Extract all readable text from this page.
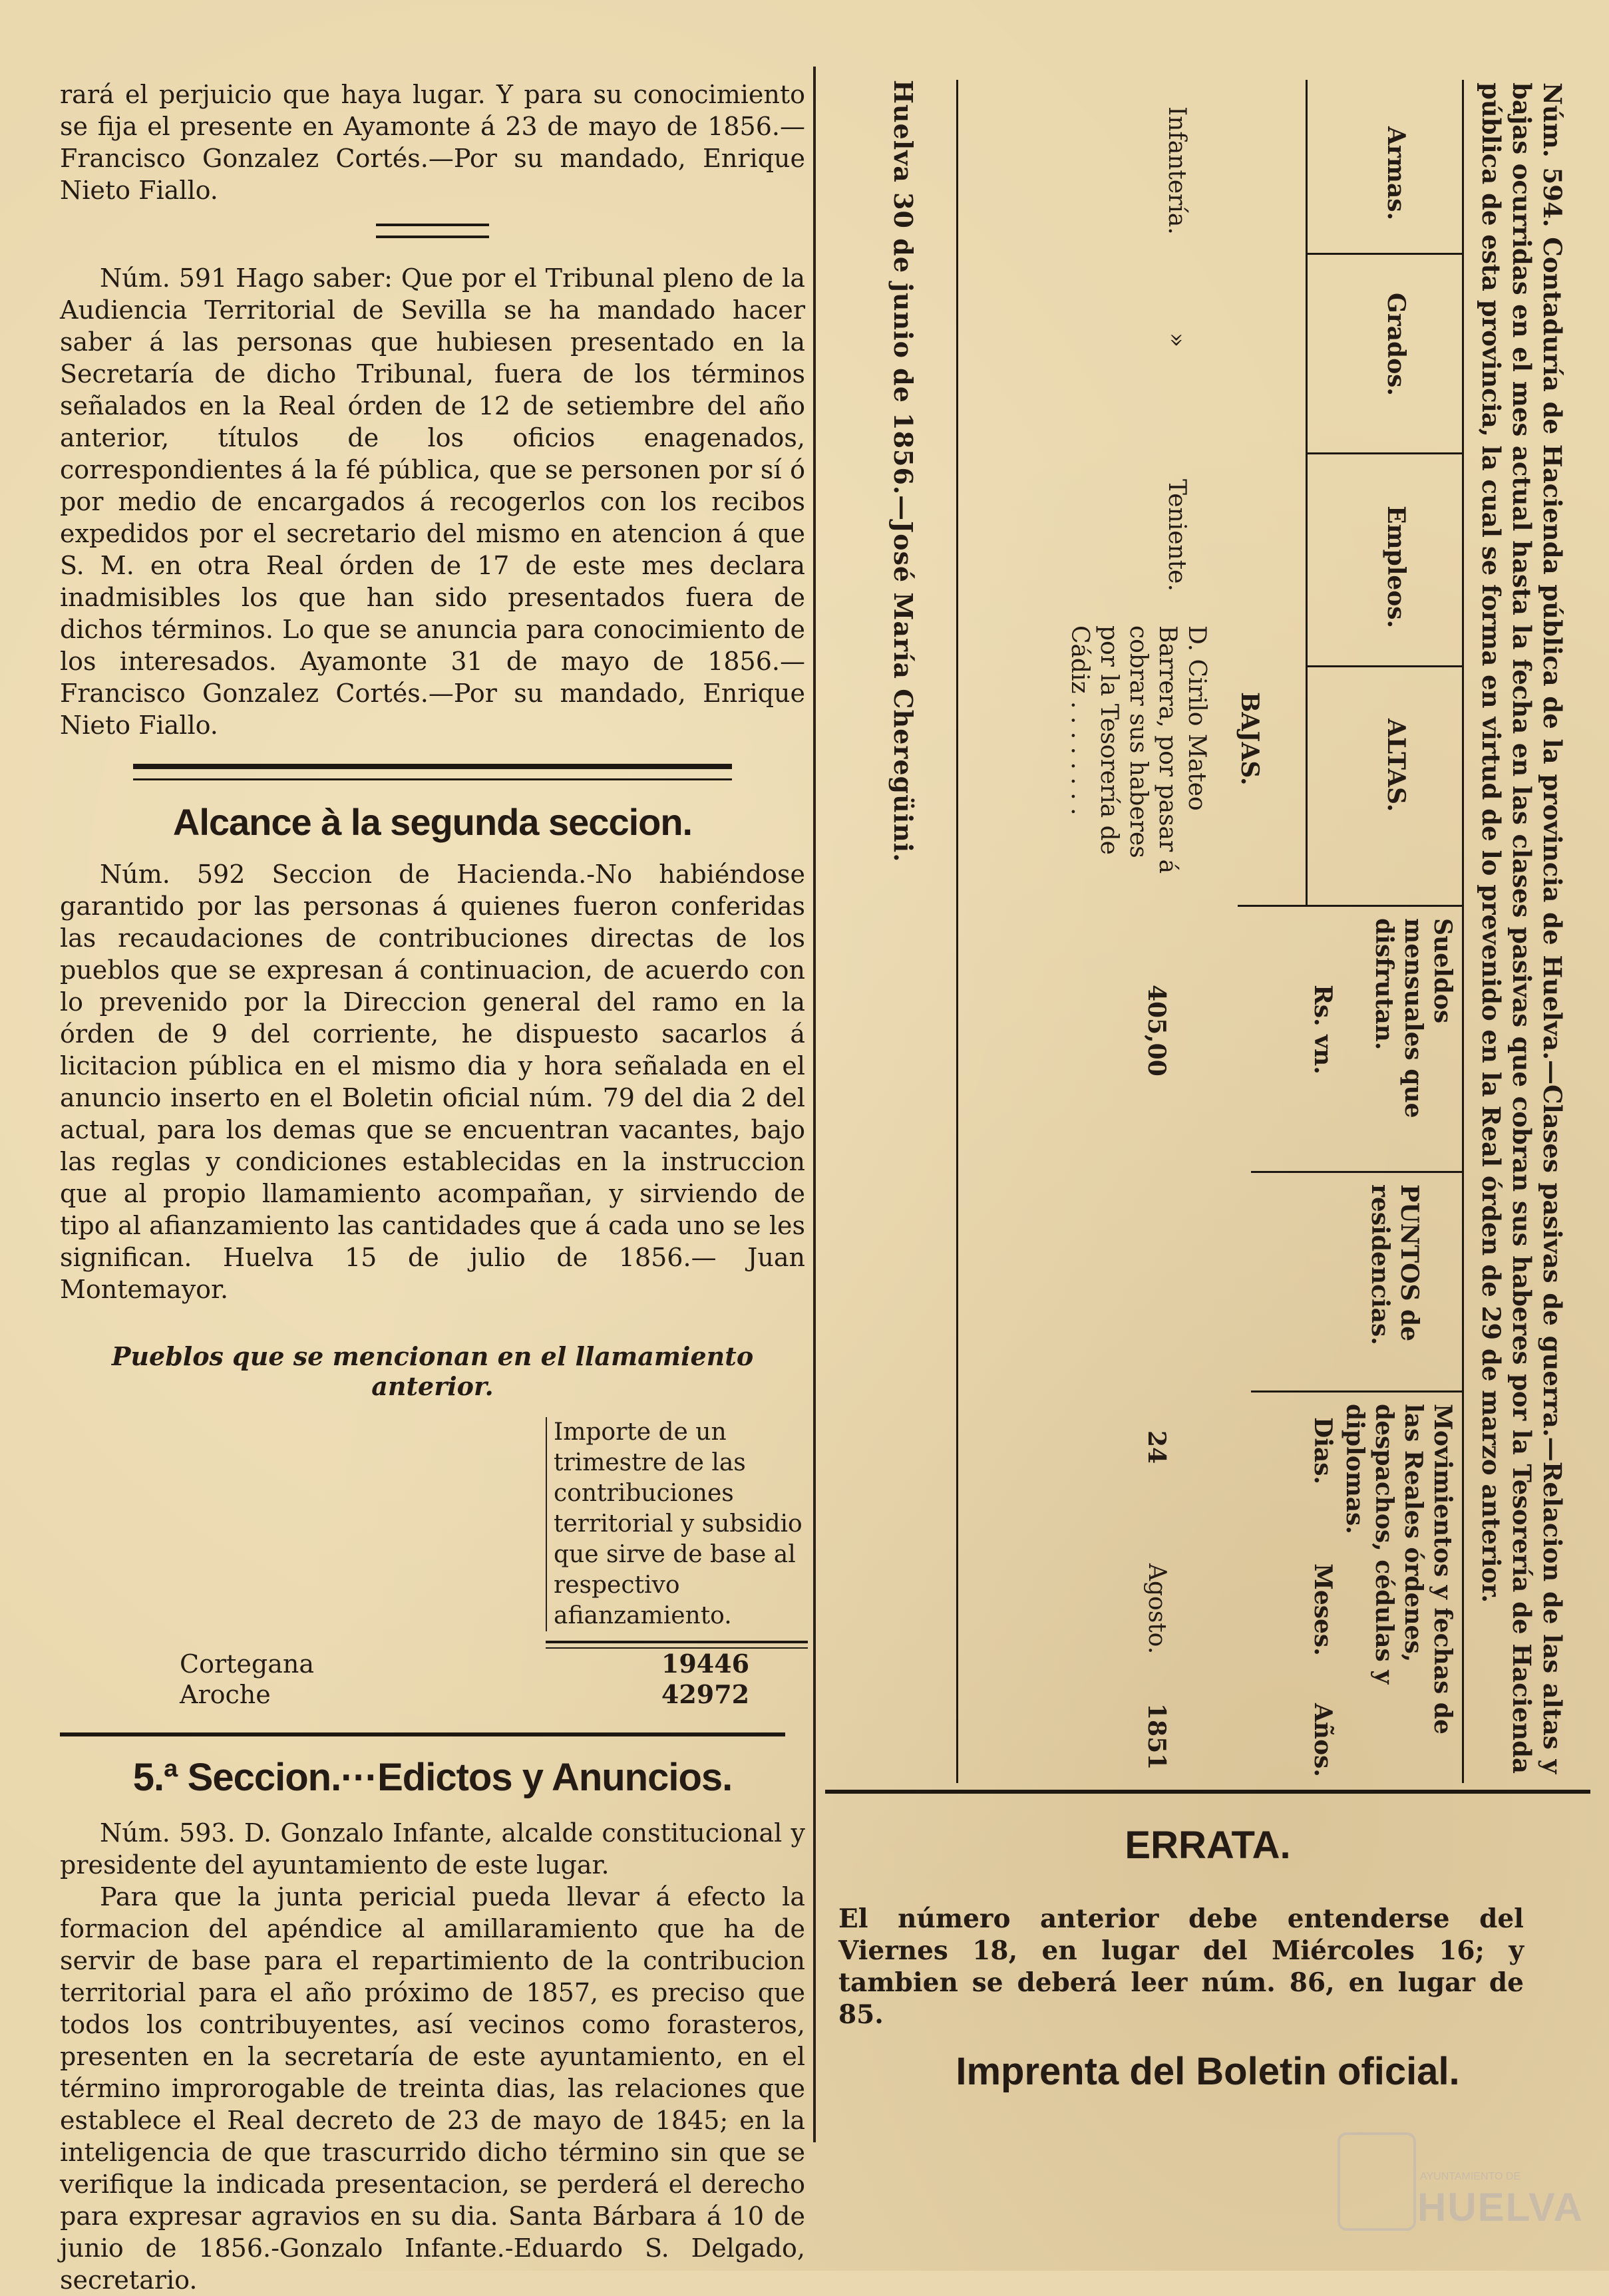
rará el perjuicio que haya lugar. Y para su conocimiento se fija el presente en Ayamonte á 23 de mayo de 1856.— Francisco Gonzalez Cortés.—Por su mandado, Enrique Nieto Fiallo.

Núm. 591 Hago saber: Que por el Tribunal pleno de la Audiencia Territorial de Sevilla se ha mandado hacer saber á las personas que hubiesen presentado en la Secretaría de dicho Tribunal, fuera de los términos señalados en la Real órden de 12 de setiembre del año anterior, títulos de los oficios enagenados, correspondientes á la fé pública, que se personen por sí ó por medio de encargados á recogerlos con los recibos expedidos por el secretario del mismo en atencion á que S. M. en otra Real órden de 17 de este mes declara inadmisibles los que han sido presentados fuera de dichos términos. Lo que se anuncia para conocimiento de los interesados. Ayamonte 31 de mayo de 1856.— Francisco Gonzalez Cortés.—Por su mandado, Enrique Nieto Fiallo.

Alcance à la segunda seccion.

Núm. 592 Seccion de Hacienda.-No habiéndose garantido por las personas á quienes fueron conferidas las recaudaciones de contribuciones directas de los pueblos que se expresan á continuacion, de acuerdo con lo prevenido por la Direccion general del ramo en la órden de 9 del corriente, he dispuesto sacarlos á licitacion pública en el mismo dia y hora señalada en el anuncio inserto en el Boletin oficial núm. 79 del dia 2 del actual, para los demas que se encuentran vacantes, bajo las reglas y condiciones establecidas en la instruccion que al propio llamamiento acompañan, y sirviendo de tipo al afianzamiento las cantidades que á cada uno se les significan. Huelva 15 de julio de 1856.— Juan Montemayor.

Pueblos que se mencionan en el llamamiento anterior.
Importe de un trimestre de las contribuciones territorial y subsidio que sirve de base al respectivo afianzamiento.
Cortegana	19446
Aroche	42972
5.ª Seccion.···Edictos y Anuncios.

Núm. 593. D. Gonzalo Infante, alcalde constitucional y presidente del ayuntamiento de este lugar.

Para que la junta pericial pueda llevar á efecto la formacion del apéndice al amillaramiento que ha de servir de base para el repartimiento de la contribucion territorial para el año próximo de 1857, es preciso que todos los contribuyentes, así vecinos como forasteros, presenten en la secretaría de este ayuntamiento, en el término improrogable de treinta dias, las relaciones que establece el Real decreto de 23 de mayo de 1845; en la inteligencia de que trascurrido dicho término sin que se verifique la indicada presentacion, se perderá el derecho para expresar agravios en su dia. Santa Bárbara á 10 de junio de 1856.-Gonzalo Infante.-Eduardo S. Delgado, secretario.

Núm. 594. Contaduría de Hacienda pública de la provincia de Huelva.—Clases pasivas de guerra.—Relacion de las altas y bajas ocurridas en el mes actual hasta la fecha en las clases pasivas que cobran sus haberes por la Tesorería de Hacienda pública de esta provincia, la cual se forma en virtud de lo prevenido en la Real órden de 29 de marzo anterior.
Armas.
Grados.
Empleos.
ALTAS.
Sueldos mensuales que disfrutan.
Rs. vn.
PUNTOS de residencias.
Movimientos y fechas de las Reales órdenes, despachos, cédulas y diplomas.
Dias.
Meses.
Años.
BAJAS.
Infantería.
»
Teniente.
D. Cirilo Mateo Barrera, por pasar á cobrar sus haberes por la Tesorería de Cádiz . . . . . . . .
405,00
24
Agosto.
1851
Huelva 30 de junio de 1856.—José María Cheregüini.
ERRATA.
El número anterior debe entenderse del Viernes 18, en lugar del Miércoles 16; y tambien se deberá leer núm. 86, en lugar de 85.
Imprenta del Boletin oficial.
AYUNTAMIENTO DE
HUELVA
